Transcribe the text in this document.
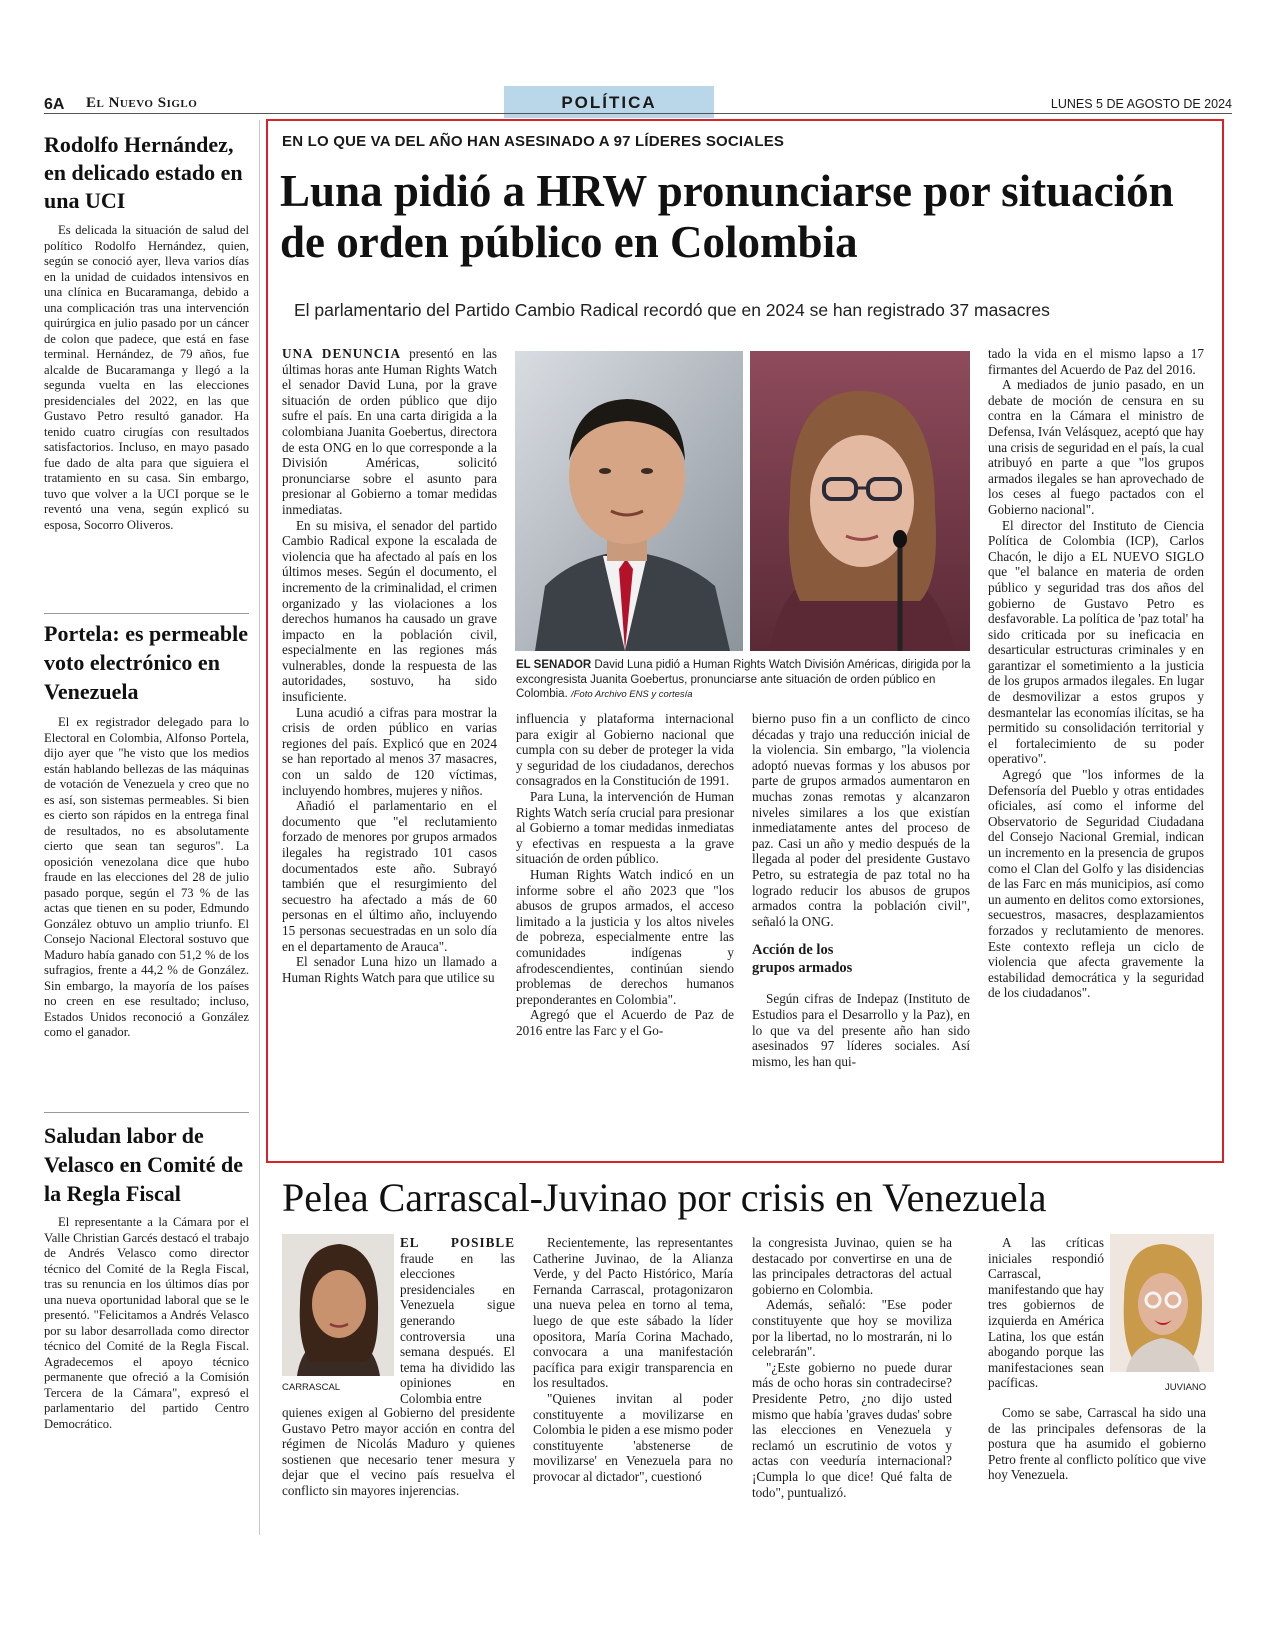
6A El Nuevo Siglo	POLÍTICA	LUNES 5 DE AGOSTO DE 2024
Rodolfo Hernández, en delicado estado en una UCI

Es delicada la situación de salud del político Rodolfo Hernández, quien, según se conoció ayer, lleva varios días en la unidad de cuidados intensivos en una clínica en Bucaramanga, debido a una complicación tras una intervención quirúrgica en julio pasado por un cáncer de colon que padece, que está en fase terminal. Hernández, de 79 años, fue alcalde de Bucaramanga y llegó a la segunda vuelta en las elecciones presidenciales del 2022, en las que Gustavo Petro resultó ganador. Ha tenido cuatro cirugías con resultados satisfactorios. Incluso, en mayo pasado fue dado de alta para que siguiera el tratamiento en su casa. Sin embargo, tuvo que volver a la UCI porque se le reventó una vena, según explicó su esposa, Socorro Oliveros.

Portela: es permeable voto electrónico en Venezuela

El ex registrador delegado para lo Electoral en Colombia, Alfonso Portela, dijo ayer que "he visto que los medios están hablando bellezas de las máquinas de votación de Venezuela y creo que no es así, son sistemas permeables. Si bien es cierto son rápidos en la entrega final de resultados, no es absolutamente cierto que sean tan seguros". La oposición venezolana dice que hubo fraude en las elecciones del 28 de julio pasado porque, según el 73 % de las actas que tienen en su poder, Edmundo González obtuvo un amplio triunfo. El Consejo Nacional Electoral sostuvo que Maduro había ganado con 51,2 % de los sufragios, frente a 44,2 % de González. Sin embargo, la mayoría de los países no creen en ese resultado; incluso, Estados Unidos reconoció a González como el ganador.

Saludan labor de Velasco en Comité de la Regla Fiscal

El representante a la Cámara por el Valle Christian Garcés destacó el trabajo de Andrés Velasco como director técnico del Comité de la Regla Fiscal, tras su renuncia en los últimos días por una nueva oportunidad laboral que se le presentó. "Felicitamos a Andrés Velasco por su labor desarrollada como director técnico del Comité de la Regla Fiscal. Agradecemos el apoyo técnico permanente que ofreció a la Comisión Tercera de la Cámara", expresó el parlamentario del partido Centro Democrático.

EN LO QUE VA DEL AÑO HAN ASESINADO A 97 LÍDERES SOCIALES
Luna pidió a HRW pronunciarse por situación de orden público en Colombia
El parlamentario del Partido Cambio Radical recordó que en 2024 se han registrado 37 masacres

UNA DENUNCIA presentó en las últimas horas ante Human Rights Watch el senador David Luna, por la grave situación de orden público que dijo sufre el país. En una carta dirigida a la colombiana Juanita Goebertus, directora de esta ONG en lo que corresponde a la División Américas, solicitó pronunciarse sobre el asunto para presionar al Gobierno a tomar medidas inmediatas.

En su misiva, el senador del partido Cambio Radical expone la escalada de violencia que ha afectado al país en los últimos meses. Según el documento, el incremento de la criminalidad, el crimen organizado y las violaciones a los derechos humanos ha causado un grave impacto en la población civil, especialmente en las regiones más vulnerables, donde la respuesta de las autoridades, sostuvo, ha sido insuficiente.

Luna acudió a cifras para mostrar la crisis de orden público en varias regiones del país. Explicó que en 2024 se han reportado al menos 37 masacres, con un saldo de 120 víctimas, incluyendo hombres, mujeres y niños.

Añadió el parlamentario en el documento que "el reclutamiento forzado de menores por grupos armados ilegales ha registrado 101 casos documentados este año. Subrayó también que el resurgimiento del secuestro ha afectado a más de 60 personas en el último año, incluyendo 15 personas secuestradas en un solo día en el departamento de Arauca".

El senador Luna hizo un llamado a Human Rights Watch para que utilice su

EL SENADOR David Luna pidió a Human Rights Watch División Américas, dirigida por la excongresista Juanita Goebertus, pronunciarse ante situación de orden público en Colombia. /Foto Archivo ENS y cortesía

influencia y plataforma internacional para exigir al Gobierno nacional que cumpla con su deber de proteger la vida y seguridad de los ciudadanos, derechos consagrados en la Constitución de 1991.

Para Luna, la intervención de Human Rights Watch sería crucial para presionar al Gobierno a tomar medidas inmediatas y efectivas en respuesta a la grave situación de orden público.

Human Rights Watch indicó en un informe sobre el año 2023 que "los abusos de grupos armados, el acceso limitado a la justicia y los altos niveles de pobreza, especialmente entre las comunidades indígenas y afrodescendientes, continúan siendo problemas de derechos humanos preponderantes en Colombia".

Agregó que el Acuerdo de Paz de 2016 entre las Farc y el Go-

bierno puso fin a un conflicto de cinco décadas y trajo una reducción inicial de la violencia. Sin embargo, "la violencia adoptó nuevas formas y los abusos por parte de grupos armados aumentaron en muchas zonas remotas y alcanzaron niveles similares a los que existían inmediatamente antes del proceso de paz. Casi un año y medio después de la llegada al poder del presidente Gustavo Petro, su estrategia de paz total no ha logrado reducir los abusos de grupos armados contra la población civil", señaló la ONG.

Acción de los grupos armados

Según cifras de Indepaz (Instituto de Estudios para el Desarrollo y la Paz), en lo que va del presente año han sido asesinados 97 líderes sociales. Así mismo, les han qui-

tado la vida en el mismo lapso a 17 firmantes del Acuerdo de Paz del 2016.

A mediados de junio pasado, en un debate de moción de censura en su contra en la Cámara el ministro de Defensa, Iván Velásquez, aceptó que hay una crisis de seguridad en el país, la cual atribuyó en parte a que "los grupos armados ilegales se han aprovechado de los ceses al fuego pactados con el Gobierno nacional".

El director del Instituto de Ciencia Política de Colombia (ICP), Carlos Chacón, le dijo a EL NUEVO SIGLO que "el balance en materia de orden público y seguridad tras dos años del gobierno de Gustavo Petro es desfavorable. La política de 'paz total' ha sido criticada por su ineficacia en desarticular estructuras criminales y en garantizar el sometimiento a la justicia de los grupos armados ilegales. En lugar de desmovilizar a estos grupos y desmantelar las economías ilícitas, se ha permitido su consolidación territorial y el fortalecimiento de su poder operativo".

Agregó que "los informes de la Defensoría del Pueblo y otras entidades oficiales, así como el informe del Observatorio de Seguridad Ciudadana del Consejo Nacional Gremial, indican un incremento en la presencia de grupos como el Clan del Golfo y las disidencias de las Farc en más municipios, así como un aumento en delitos como extorsiones, secuestros, masacres, desplazamientos forzados y reclutamiento de menores. Este contexto refleja un ciclo de violencia que afecta gravemente la estabilidad democrática y la seguridad de los ciudadanos".

Pelea Carrascal-Juvinao por crisis en Venezuela
CARRASCAL

EL POSIBLE fraude en las elecciones presidenciales en Venezuela sigue generando controversia una semana después. El tema ha dividido las opiniones en Colombia entre

quienes exigen al Gobierno del presidente Gustavo Petro mayor acción en contra del régimen de Nicolás Maduro y quienes sostienen que necesario tener mesura y dejar que el vecino país resuelva el conflicto sin mayores injerencias.

Recientemente, las representantes Catherine Juvinao, de la Alianza Verde, y del Pacto Histórico, María Fernanda Carrascal, protagonizaron una nueva pelea en torno al tema, luego de que este sábado la líder opositora, María Corina Machado, convocara a una manifestación pacífica para exigir transparencia en los resultados.

"Quienes invitan al poder constituyente a movilizarse en Colombia le piden a ese mismo poder constituyente 'abstenerse de movilizarse' en Venezuela para no provocar al dictador", cuestionó

la congresista Juvinao, quien se ha destacado por convertirse en una de las principales detractoras del actual gobierno en Colombia.

Además, señaló: "Ese poder constituyente que hoy se moviliza por la libertad, no lo mostrarán, ni lo celebrarán".

"¿Este gobierno no puede durar más de ocho horas sin contradecirse? Presidente Petro, ¿no dijo usted mismo que había 'graves dudas' sobre las elecciones en Venezuela y reclamó un escrutinio de votos y actas con veeduría internacional? ¡Cumpla lo que dice! Qué falta de todo", puntualizó.

A las críticas iniciales respondió Carrascal, manifestando que hay tres gobiernos de izquierda en América Latina, los que están abogando porque las manifestaciones sean pacíficas.	JUVIANO

Como se sabe, Carrascal ha sido una de las principales defensoras de la postura que ha asumido el gobierno Petro frente al conflicto político que vive hoy Venezuela.
